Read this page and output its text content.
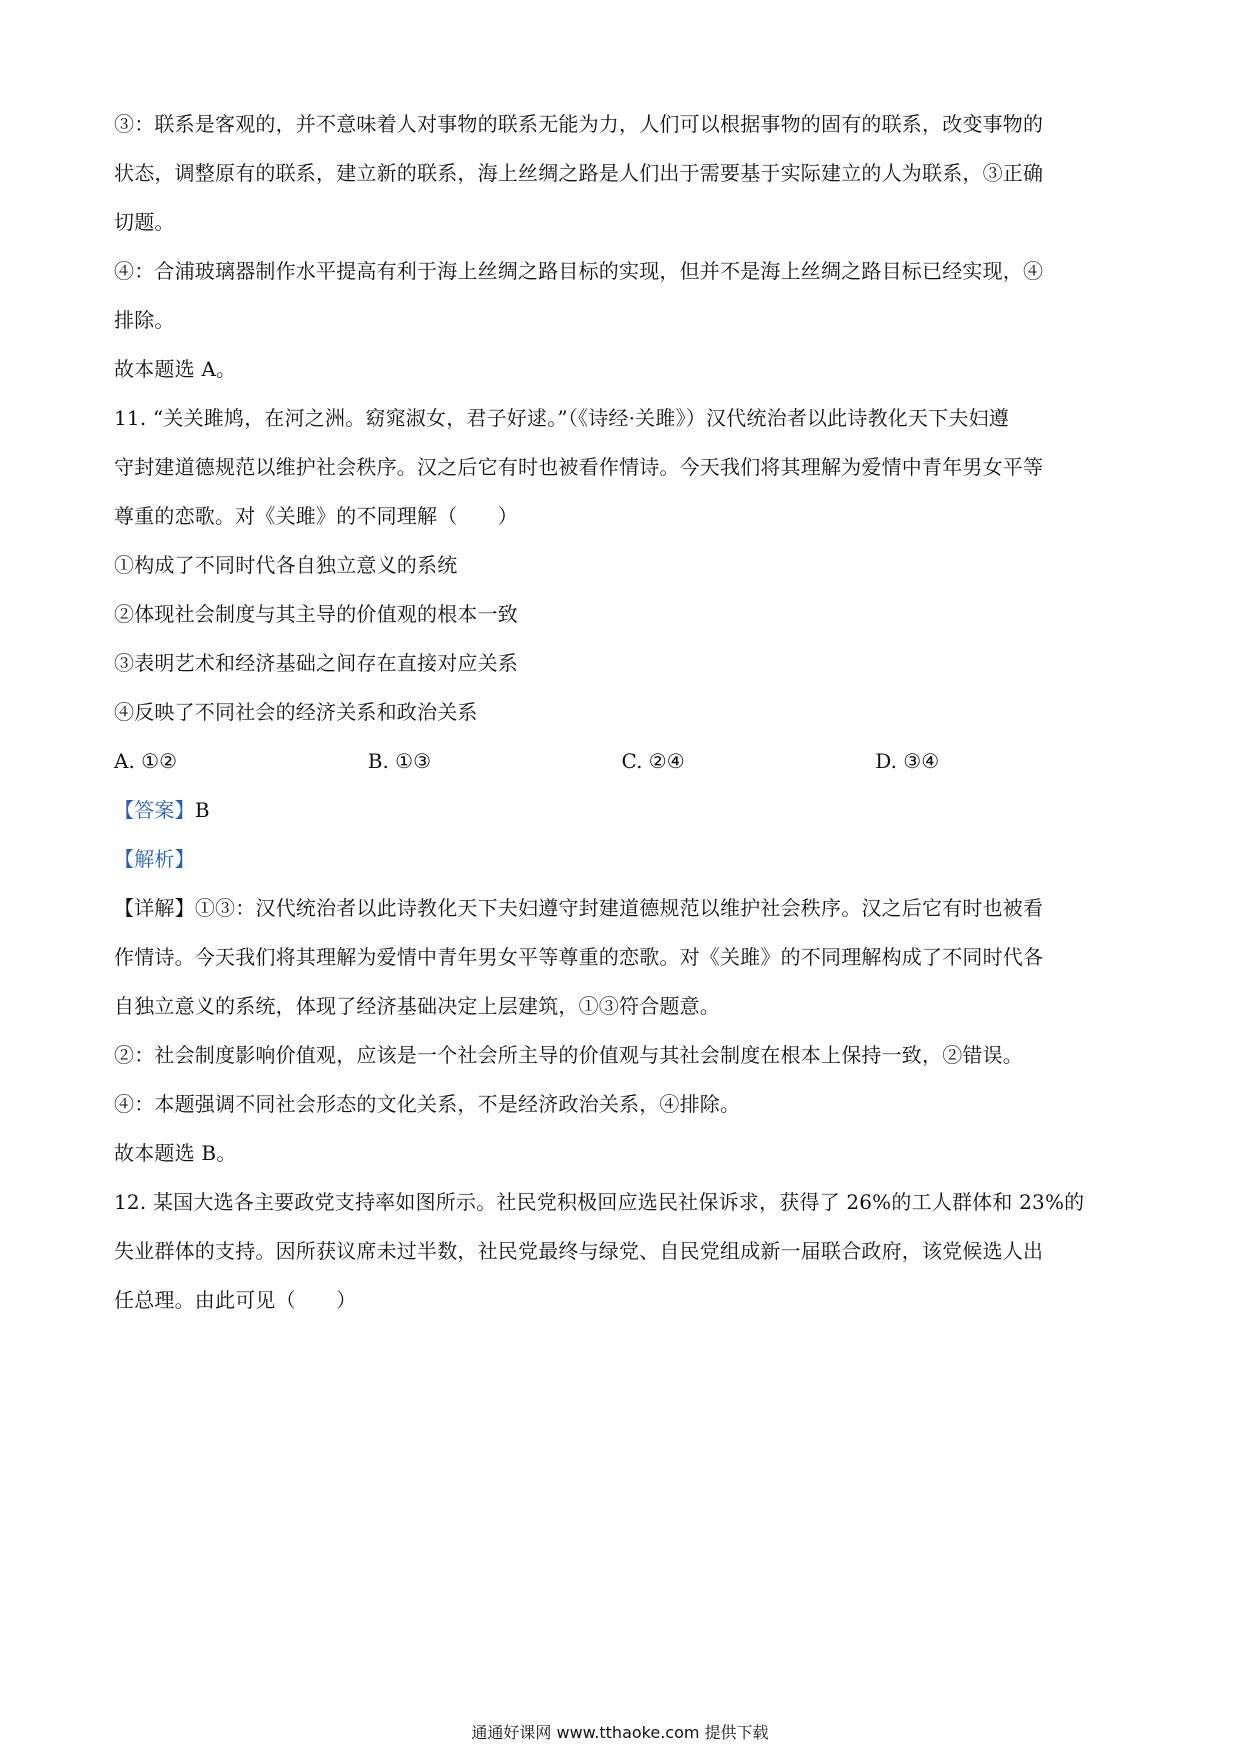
③：联系是客观的，并不意味着人对事物的联系无能为力，人们可以根据事物的固有的联系，改变事物的
状态，调整原有的联系，建立新的联系，海上丝绸之路是人们出于需要基于实际建立的人为联系，③正确
切题。
④：合浦玻璃器制作水平提高有利于海上丝绸之路目标的实现，但并不是海上丝绸之路目标已经实现，④
排除。
故本题选 A。
11. “关关雎鸠，在河之洲。窈窕淑女，君子好逑。”（《诗经·关雎》）汉代统治者以此诗教化天下夫妇遵
守封建道德规范以维护社会秩序。汉之后它有时也被看作情诗。今天我们将其理解为爱情中青年男女平等
尊重的恋歌。对《关雎》的不同理解（　　）
①构成了不同时代各自独立意义的系统
②体现社会制度与其主导的价值观的根本一致
③表明艺术和经济基础之间存在直接对应关系
④反映了不同社会的经济关系和政治关系
A. ①②	B. ①③	C. ②④	D. ③④
【答案】B
【解析】
【详解】①③：汉代统治者以此诗教化天下夫妇遵守封建道德规范以维护社会秩序。汉之后它有时也被看
作情诗。今天我们将其理解为爱情中青年男女平等尊重的恋歌。对《关雎》的不同理解构成了不同时代各
自独立意义的系统，体现了经济基础决定上层建筑，①③符合题意。
②：社会制度影响价值观，应该是一个社会所主导的价值观与其社会制度在根本上保持一致，②错误。
④：本题强调不同社会形态的文化关系，不是经济政治关系，④排除。
故本题选 B。
12. 某国大选各主要政党支持率如图所示。社民党积极回应选民社保诉求，获得了 26%的工人群体和 23%的
失业群体的支持。因所获议席未过半数，社民党最终与绿党、自民党组成新一届联合政府，该党候选人出
任总理。由此可见（　　）
通通好课网 www.tthaoke.com 提供下载
